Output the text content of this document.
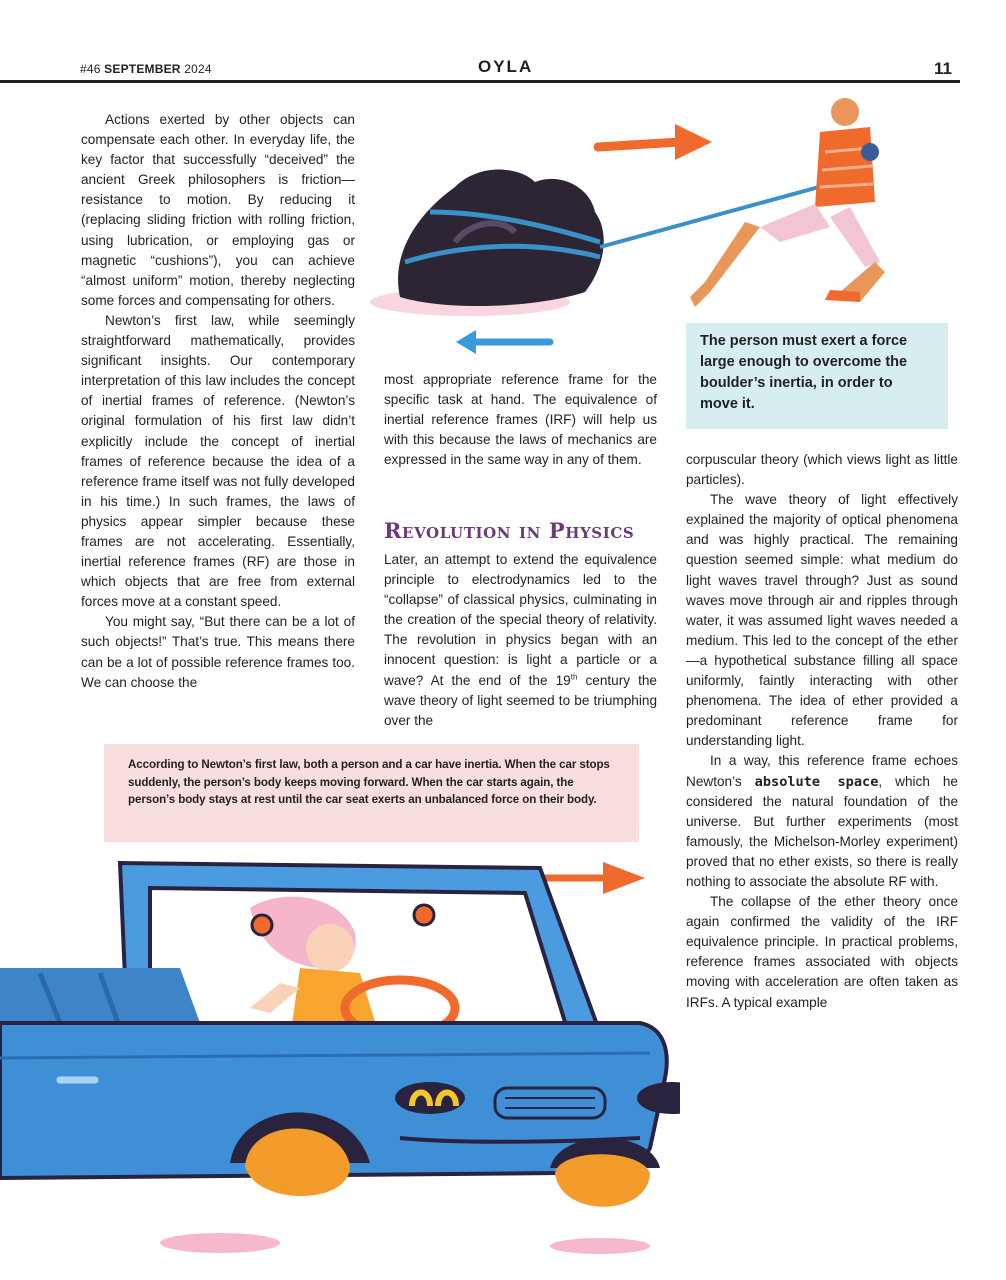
#46 SEPTEMBER 2024	OYLA	11
The person must exert a force large enough to overcome the boulder’s inertia, in order to move it.

Actions exerted by other objects can compensate each other. In everyday life, the key factor that successfully “deceived” the ancient Greek philosophers is friction—resistance to motion. By reducing it (replacing sliding friction with rolling friction, using lubrication, or employing gas or magnetic “cushions”), you can achieve “almost uniform” motion, thereby neglecting some forces and compensating for others.

Newton’s first law, while seemingly straightforward mathematically, provides significant insights. Our contemporary interpretation of this law includes the concept of inertial frames of reference. (Newton’s original formulation of his first law didn’t explicitly include the concept of inertial frames of reference because the idea of a reference frame itself was not fully developed in his time.) In such frames, the laws of physics appear simpler because these frames are not accelerating. Essentially, inertial reference frames (RF) are those in which objects that are free from external forces move at a constant speed.

You might say, “But there can be a lot of such objects!” That’s true. This means there can be a lot of possible reference frames too. We can choose the

most appropriate reference frame for the specific task at hand. The equivalence of inertial reference frames (IRF) will help us with this because the laws of mechanics are expressed in the same way in any of them.

Revolution in Physics

Later, an attempt to extend the equivalence principle to electrodynamics led to the “collapse” of classical physics, culminating in the creation of the special theory of relativity. The revolution in physics began with an innocent question: is light a particle or a wave? At the end of the 19th century the wave theory of light seemed to be triumphing over the

corpuscular theory (which views light as little particles).

The wave theory of light effectively explained the majority of optical phenomena and was highly practical. The remaining question seemed simple: what medium do light waves travel through? Just as sound waves move through air and ripples through water, it was assumed light waves needed a medium. This led to the concept of the ether—a hypothetical substance filling all space uniformly, faintly interacting with other phenomena. The idea of ether provided a predominant reference frame for understanding light.

In a way, this reference frame echoes Newton’s absolute space, which he considered the natural foundation of the universe. But further experiments (most famously, the Michelson-Morley experiment) proved that no ether exists, so there is really nothing to associate the absolute RF with.

The collapse of the ether theory once again confirmed the validity of the IRF equivalence principle. In practical problems, reference frames associated with objects moving with acceleration are often taken as IRFs. A typical example

According to Newton’s first law, both a person and a car have inertia. When the car stops suddenly, the person’s body keeps moving forward. When the car starts again, the person’s body stays at rest until the car seat exerts an unbalanced force on their body.
